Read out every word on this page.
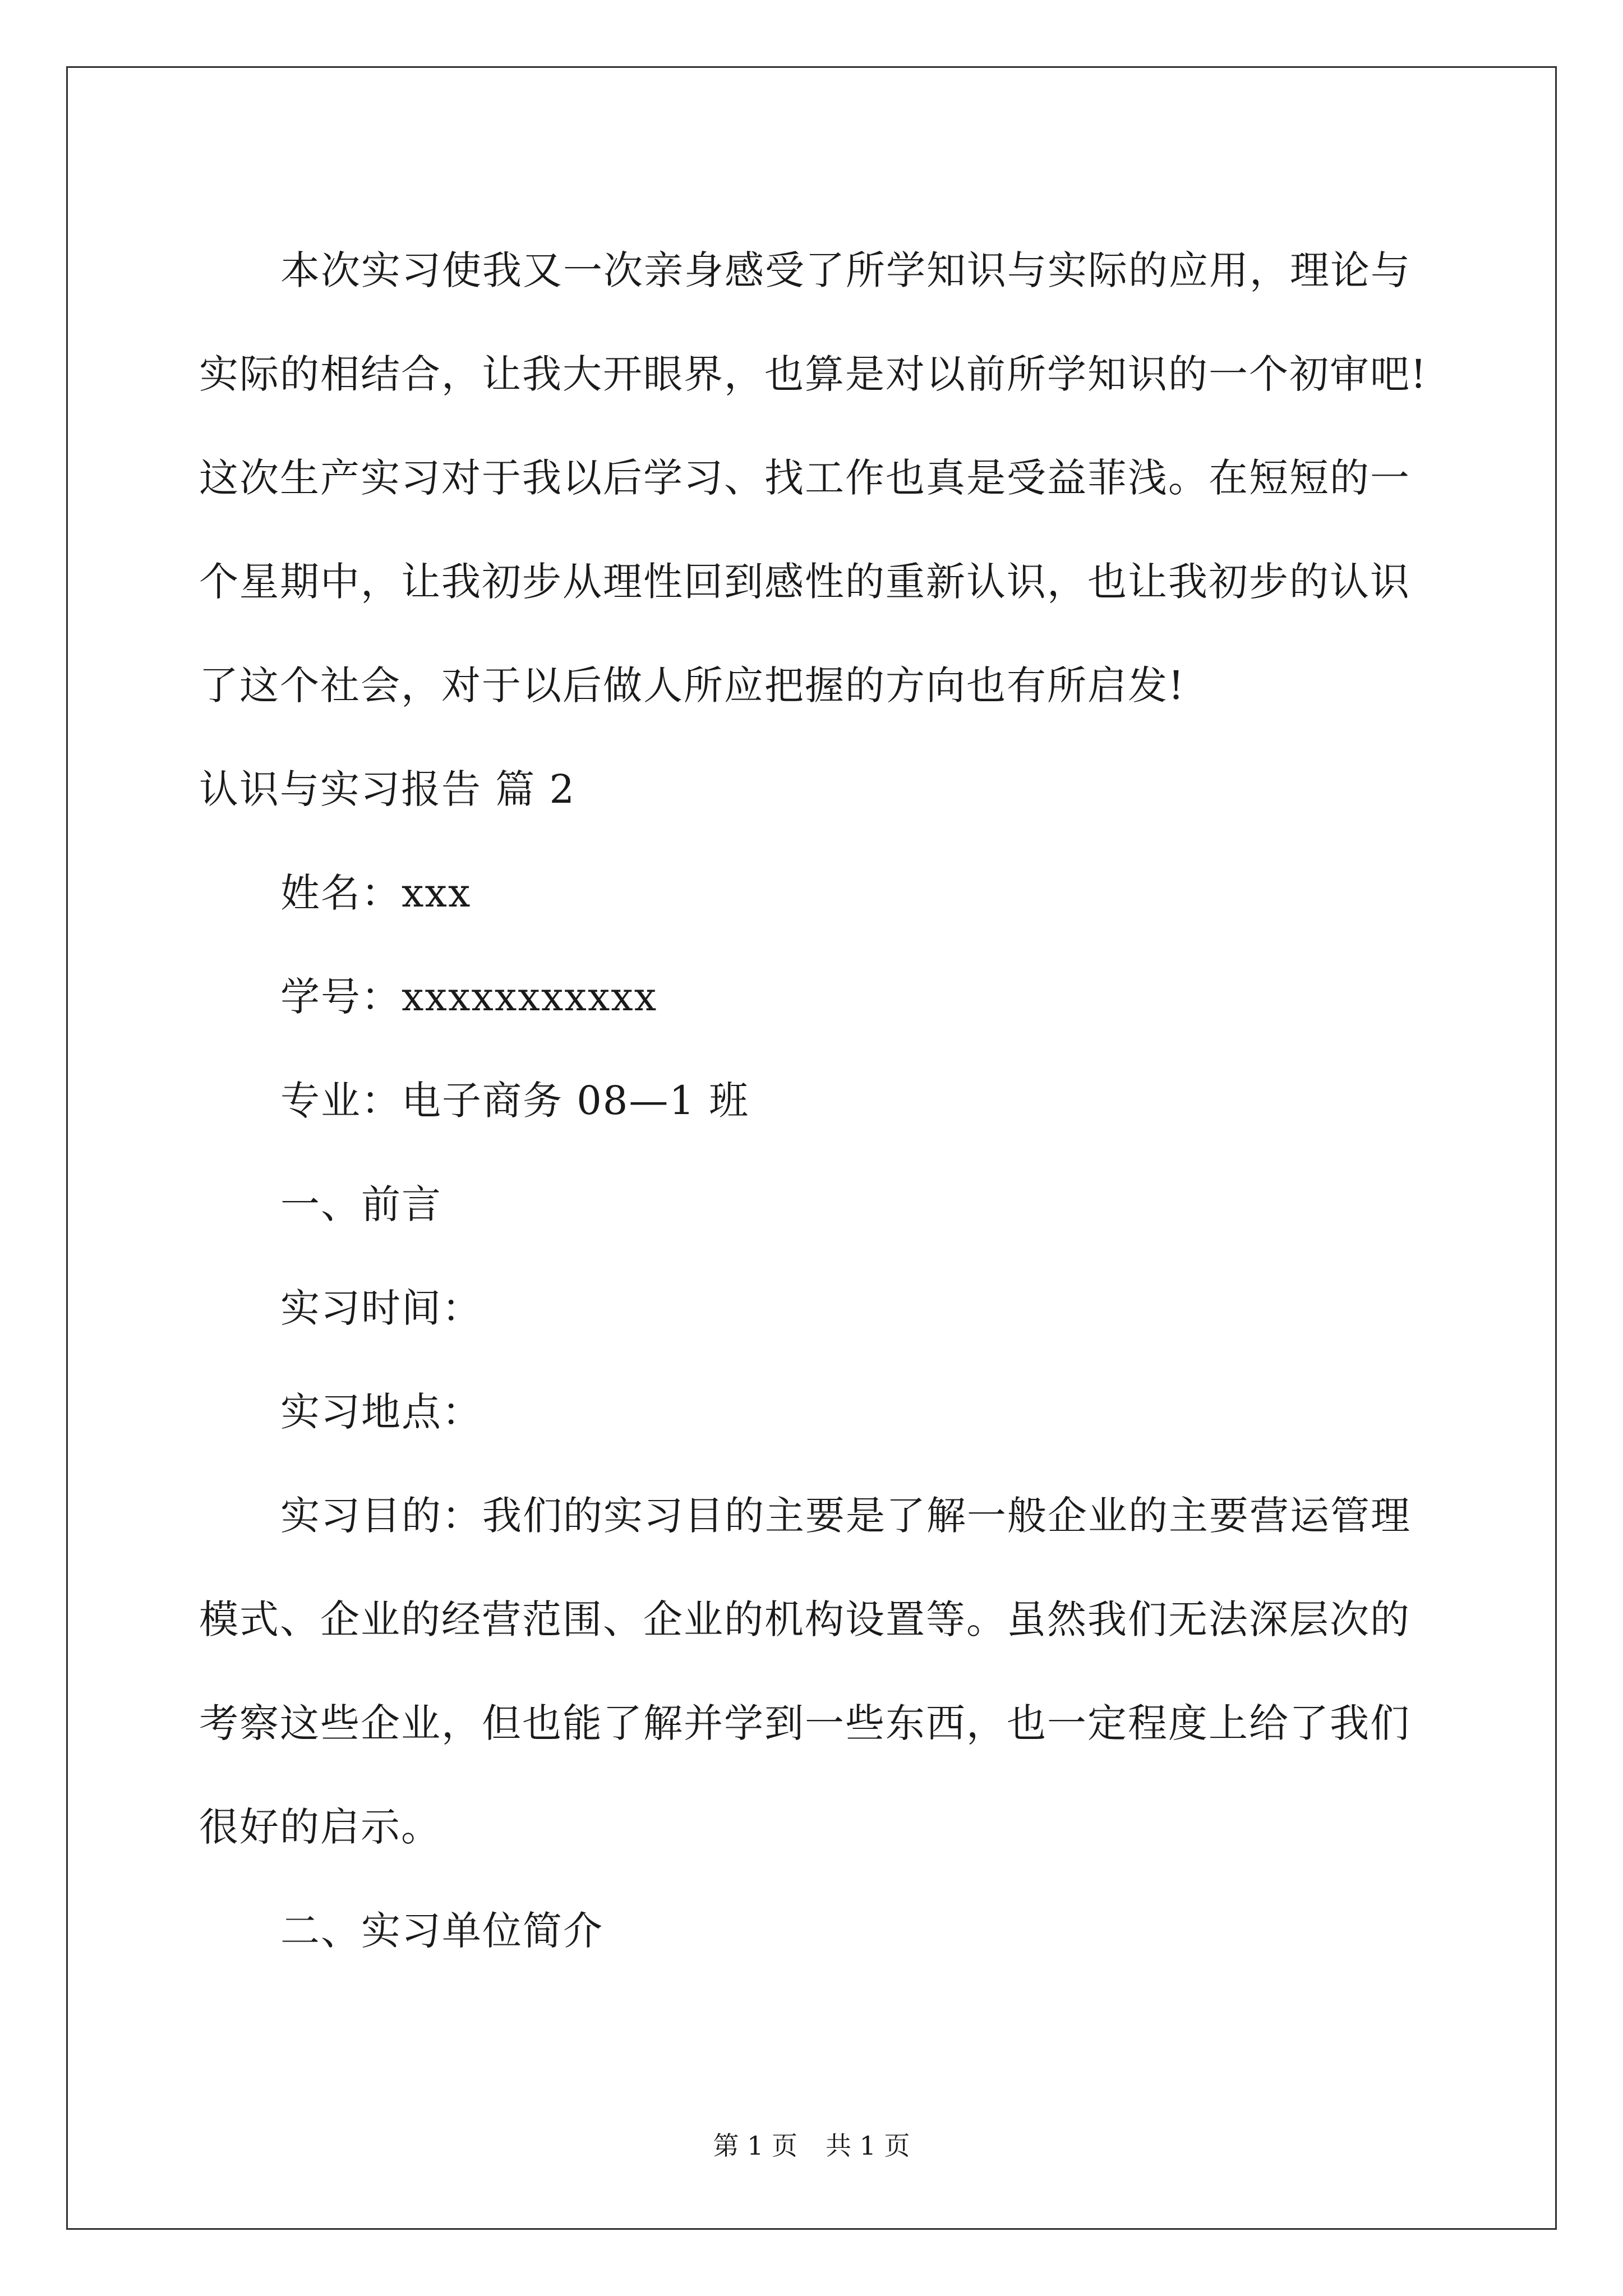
本次实习使我又一次亲身感受了所学知识与实际的应用，理论与
实际的相结合，让我大开眼界，也算是对以前所学知识的一个初审吧!
这次生产实习对于我以后学习、找工作也真是受益菲浅。在短短的一
个星期中，让我初步从理性回到感性的重新认识，也让我初步的认识
了这个社会，对于以后做人所应把握的方向也有所启发!
认识与实习报告 篇 2
姓名：xxx
学号：xxxxxxxxxxx
专业：电子商务 08—1 班
一、前言
实习时间：
实习地点：
实习目的：我们的实习目的主要是了解一般企业的主要营运管理
模式、企业的经营范围、企业的机构设置等。虽然我们无法深层次的
考察这些企业，但也能了解并学到一些东西，也一定程度上给了我们
很好的启示。
二、实习单位简介
第 1 页 共 1 页
